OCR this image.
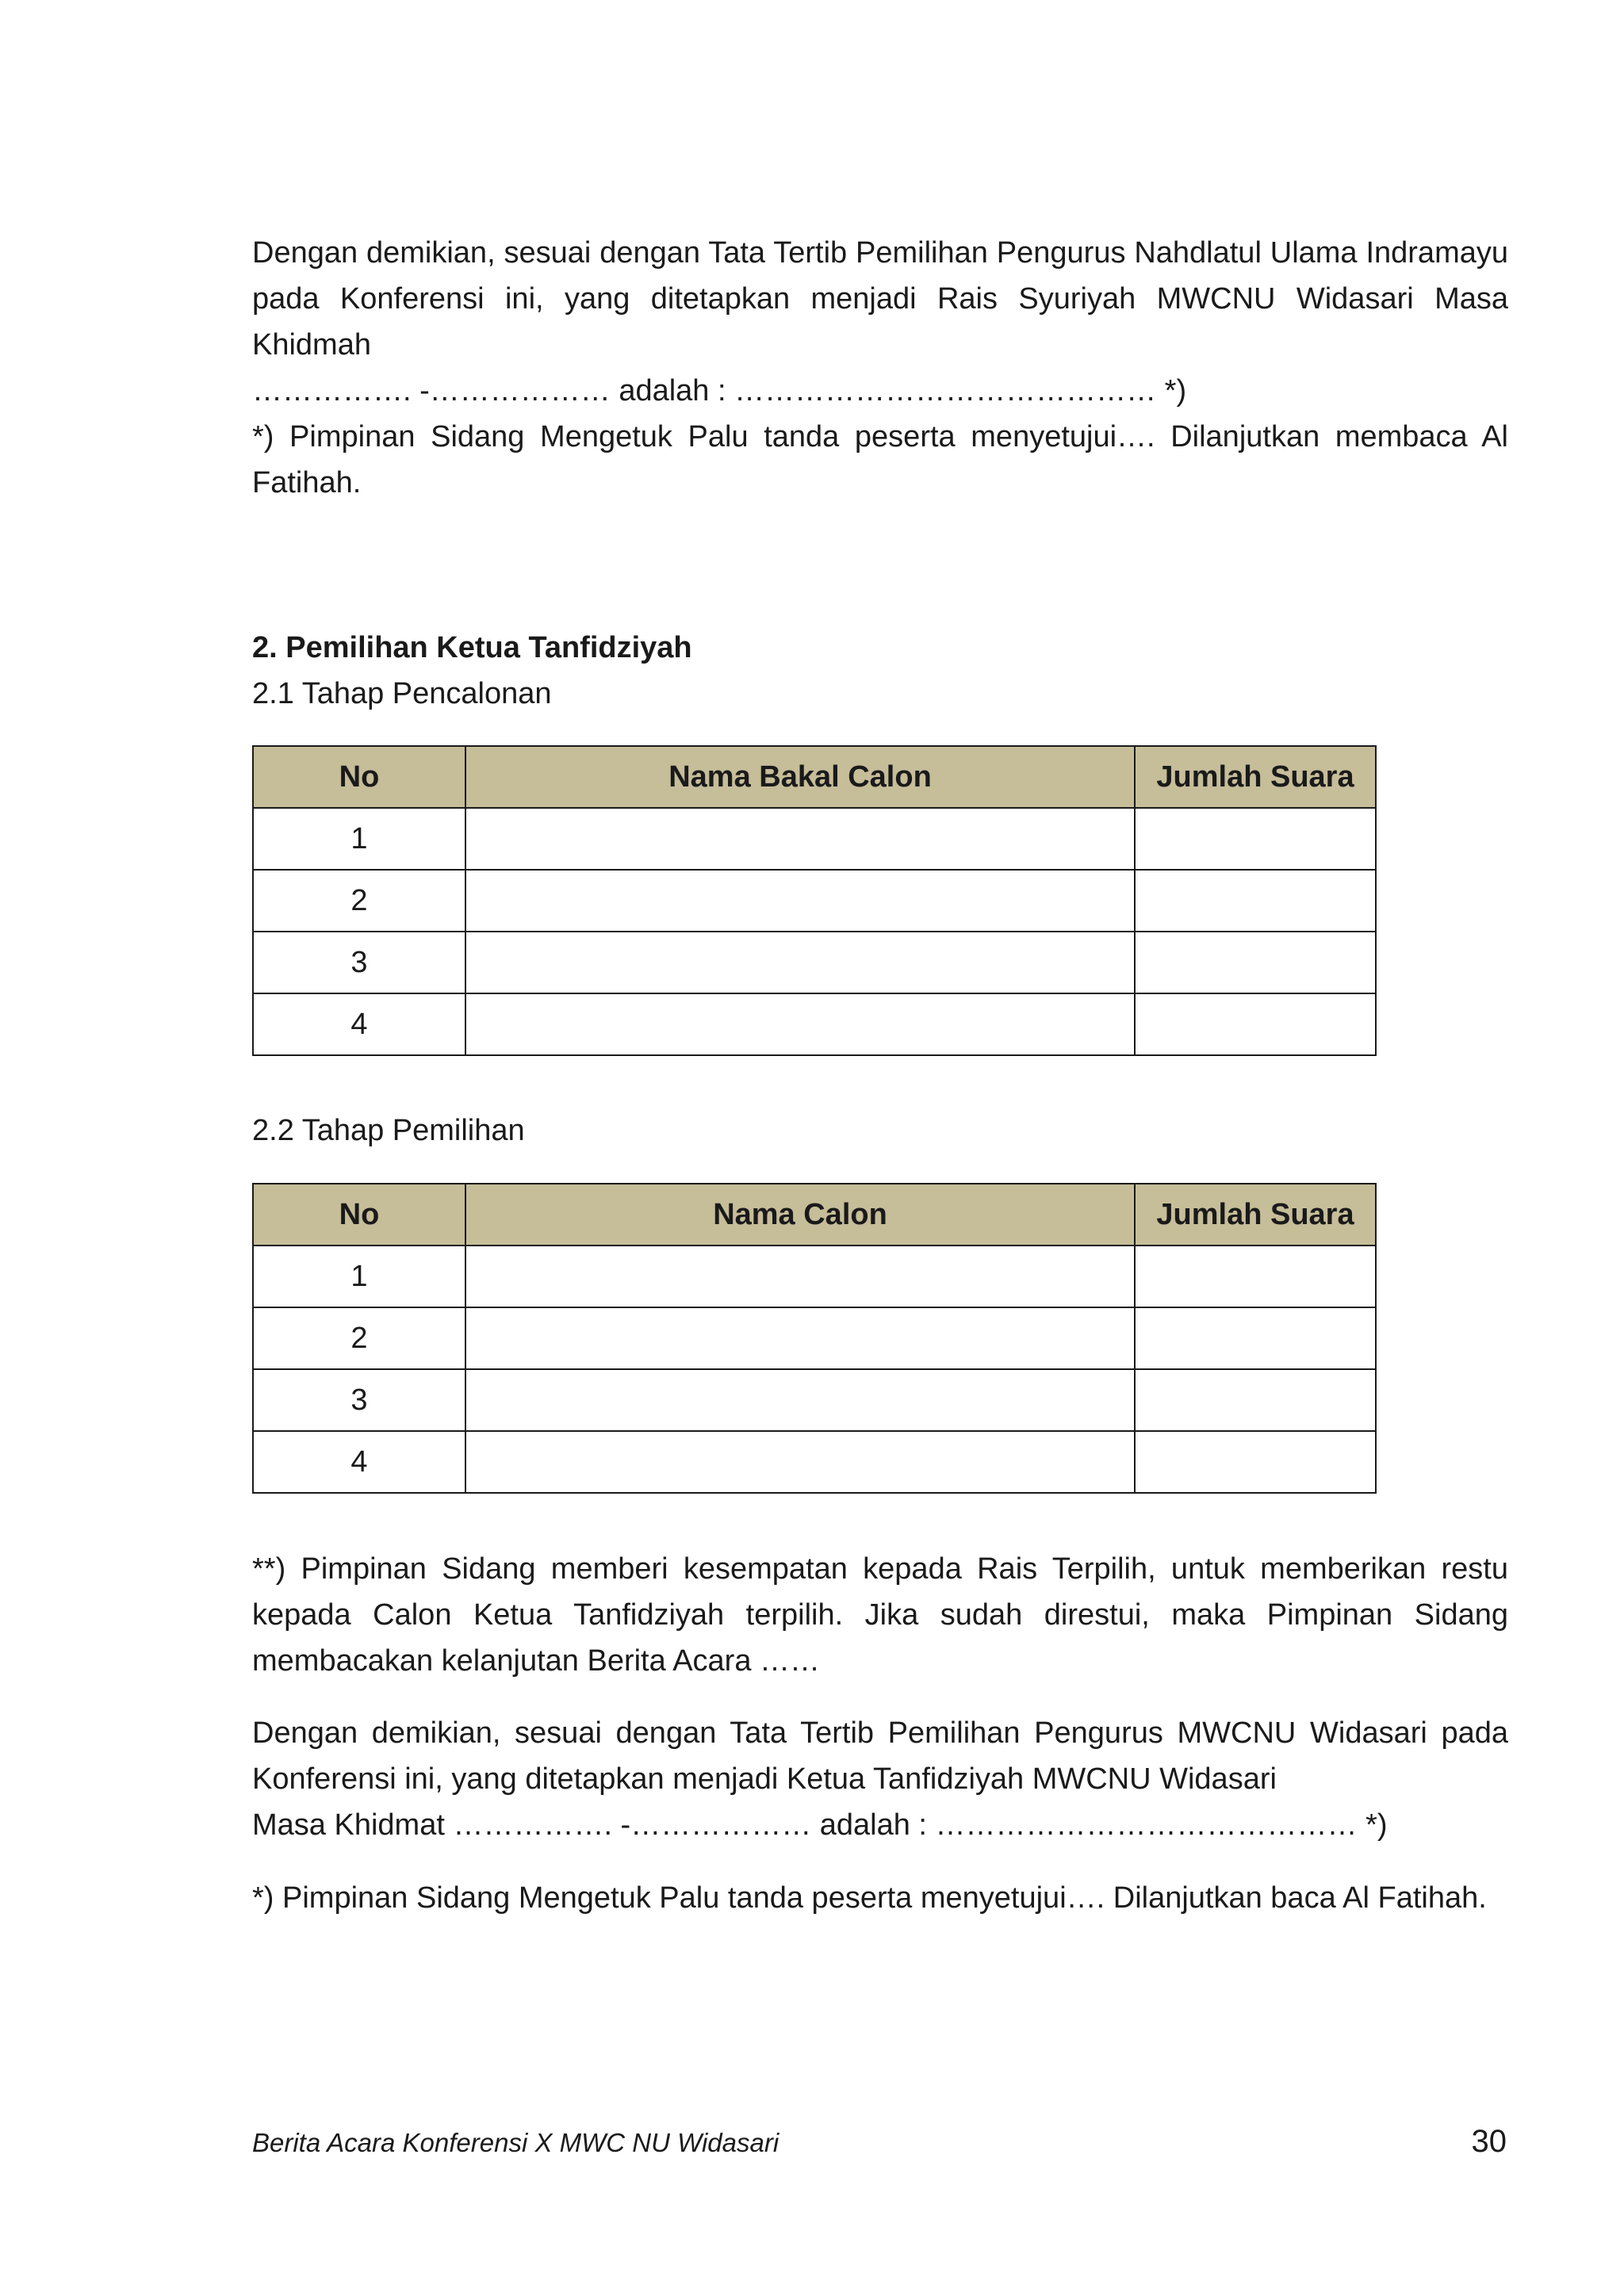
Dengan demikian, sesuai dengan Tata Tertib Pemilihan Pengurus Nahdlatul Ulama Indramayu
pada Konferensi ini, yang ditetapkan menjadi Rais Syuriyah MWCNU Widasari Masa Khidmah
……………. -……………… adalah : …………………………………… *)
*) Pimpinan Sidang Mengetuk Palu tanda peserta menyetujui…. Dilanjutkan membaca Al
Fatihah.
2. Pemilihan Ketua Tanfidziyah
2.1 Tahap Pencalonan
No	Nama Bakal Calon	Jumlah Suara
1		
2		
3		
4		
2.2 Tahap Pemilihan
No	Nama Calon	Jumlah Suara
1		
2		
3		
4		
**) Pimpinan Sidang memberi kesempatan kepada Rais Terpilih, untuk memberikan restu
kepada Calon Ketua Tanfidziyah terpilih. Jika sudah direstui, maka Pimpinan Sidang
membacakan kelanjutan Berita Acara ……
Dengan demikian, sesuai dengan Tata Tertib Pemilihan Pengurus MWCNU Widasari pada
Konferensi ini, yang ditetapkan menjadi Ketua Tanfidziyah MWCNU Widasari
Masa Khidmat ……………. -……………… adalah : …………………………………… *)
*) Pimpinan Sidang Mengetuk Palu tanda peserta menyetujui…. Dilanjutkan baca Al Fatihah.
Berita Acara Konferensi X MWC NU Widasari	30
